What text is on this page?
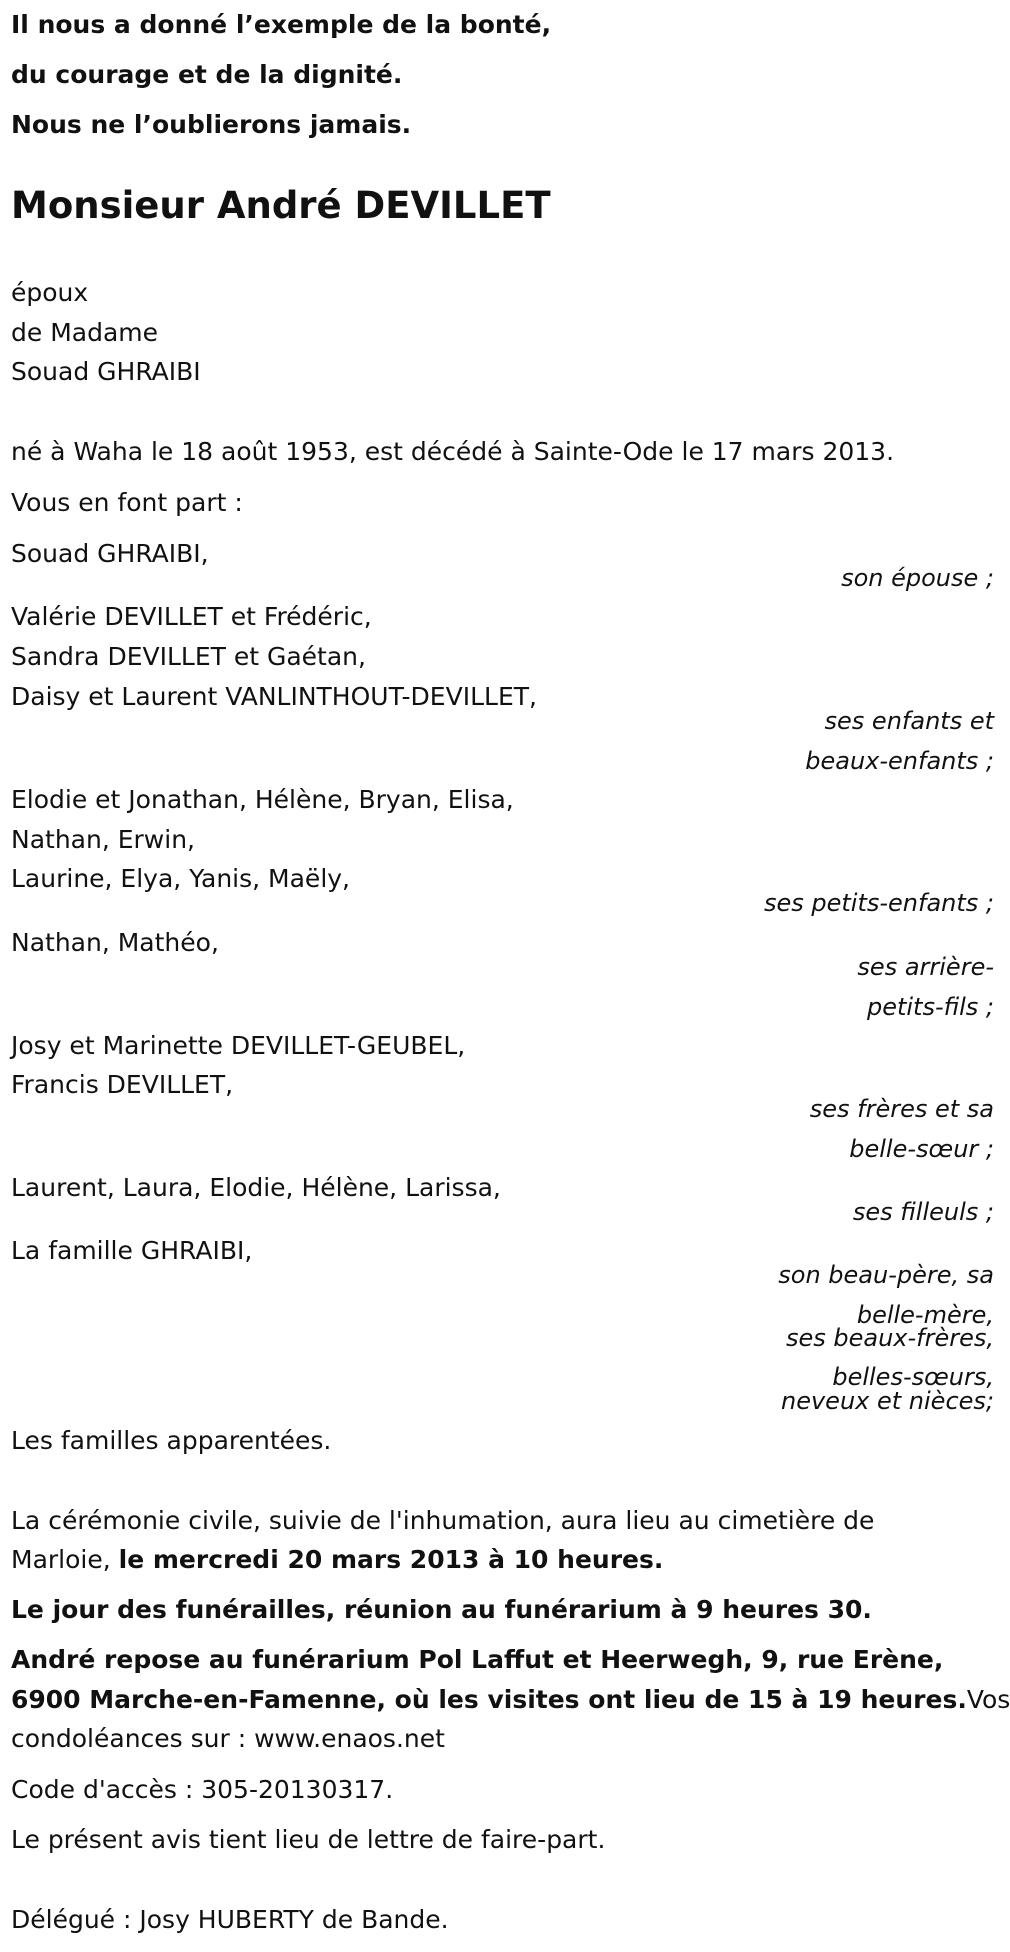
Il nous a donné l’exemple de la bonté,
du courage et de la dignité.
Nous ne l’oublierons jamais.
Monsieur André DEVILLET
époux
de Madame
Souad GHRAIBI
né à Waha le 18 août 1953, est décédé à Sainte-Ode le 17 mars 2013.
Vous en font part :
Souad GHRAIBI,
son épouse ;
Valérie DEVILLET et Frédéric,
Sandra DEVILLET et Gaétan,
Daisy et Laurent VANLINTHOUT-DEVILLET,
ses enfants et
beaux-enfants ;
Elodie et Jonathan, Hélène, Bryan, Elisa,
Nathan, Erwin,
Laurine, Elya, Yanis, Maëly,
ses petits-enfants ;
Nathan, Mathéo,
ses arrière-
petits-fils ;
Josy et Marinette DEVILLET-GEUBEL,
Francis DEVILLET,
ses frères et sa
belle-sœur ;
Laurent, Laura, Elodie, Hélène, Larissa,
ses filleuls ;
La famille GHRAIBI,
son beau-père, sa
belle-mère,
ses beaux-frères,
belles-sœurs,
neveux et nièces;
Les familles apparentées.
La cérémonie civile, suivie de l'inhumation, aura lieu au cimetière de
Marloie, le mercredi 20 mars 2013 à 10 heures.
Le jour des funérailles, réunion au funérarium à 9 heures 30.
André repose au funérarium Pol Laffut et Heerwegh, 9, rue Erène,
6900 Marche-en-Famenne, où les visites ont lieu de 15 à 19 heures.Vos
condoléances sur : www.enaos.net
Code d'accès : 305-20130317.
Le présent avis tient lieu de lettre de faire-part.
Délégué : Josy HUBERTY de Bande.
